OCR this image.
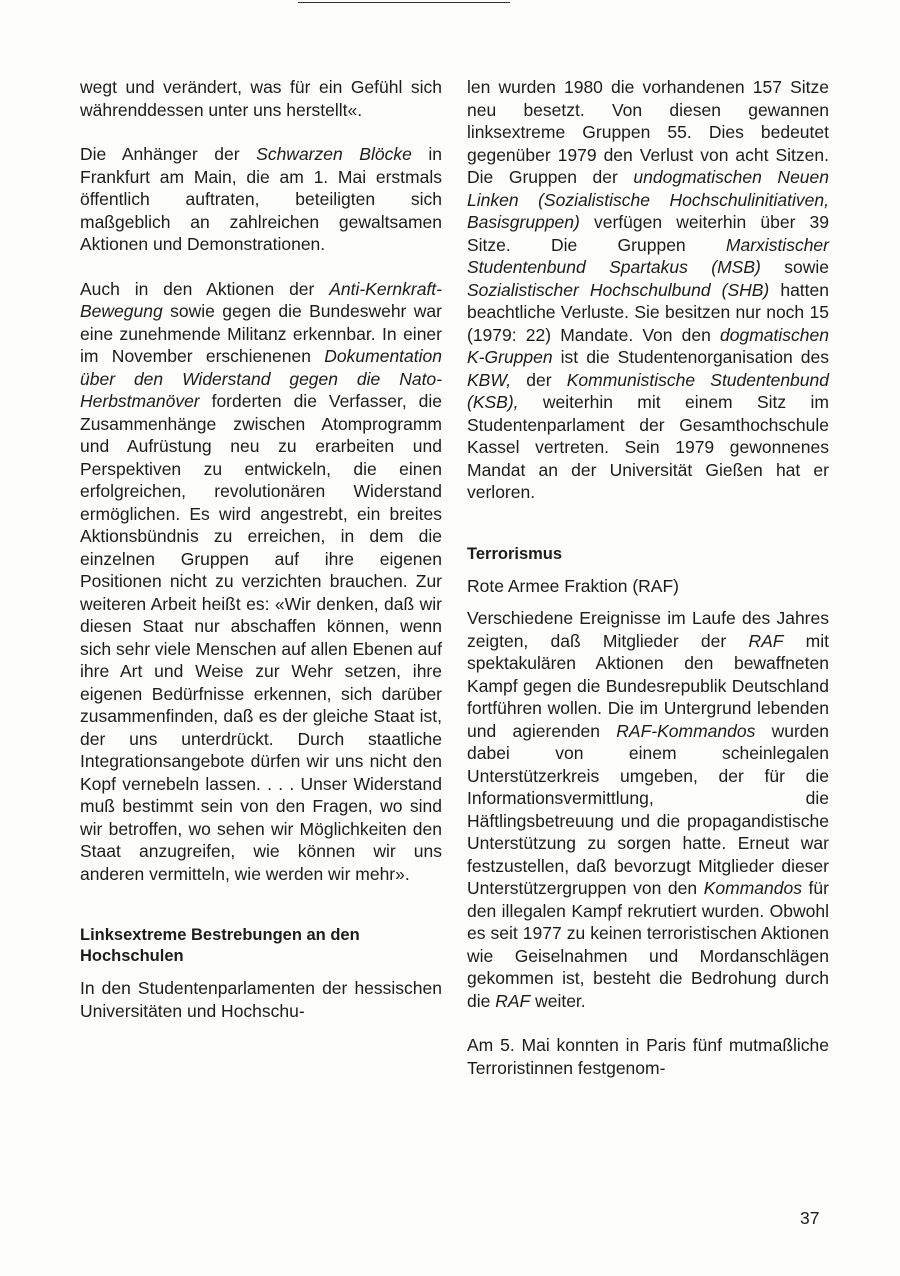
wegt und verändert, was für ein Gefühl sich währenddessen unter uns herstellt«.

Die Anhänger der Schwarzen Blöcke in Frankfurt am Main, die am 1. Mai erstmals öffentlich auftraten, beteiligten sich maßgeblich an zahlreichen gewaltsamen Aktionen und Demonstrationen.

Auch in den Aktionen der Anti-Kernkraft-Bewegung sowie gegen die Bundeswehr war eine zunehmende Militanz erkennbar. In einer im November erschienenen Dokumentation über den Widerstand gegen die Nato-Herbstmanöver forderten die Verfasser, die Zusammenhänge zwischen Atomprogramm und Aufrüstung neu zu erarbeiten und Perspektiven zu entwickeln, die einen erfolgreichen, revolutionären Widerstand ermöglichen. Es wird angestrebt, ein breites Aktionsbündnis zu erreichen, in dem die einzelnen Gruppen auf ihre eigenen Positionen nicht zu verzichten brauchen. Zur weiteren Arbeit heißt es: «Wir denken, daß wir diesen Staat nur abschaffen können, wenn sich sehr viele Menschen auf allen Ebenen auf ihre Art und Weise zur Wehr setzen, ihre eigenen Bedürfnisse erkennen, sich darüber zusammenfinden, daß es der gleiche Staat ist, der uns unterdrückt. Durch staatliche Integrationsangebote dürfen wir uns nicht den Kopf vernebeln lassen. . . . Unser Widerstand muß bestimmt sein von den Fragen, wo sind wir betroffen, wo sehen wir Möglichkeiten den Staat anzugreifen, wie können wir uns anderen vermitteln, wie werden wir mehr».

Linksextreme Bestrebungen an den Hochschulen

In den Studentenparlamenten der hessischen Universitäten und Hochschu-

len wurden 1980 die vorhandenen 157 Sitze neu besetzt. Von diesen gewannen linksextreme Gruppen 55. Dies bedeutet gegenüber 1979 den Verlust von acht Sitzen. Die Gruppen der undogmatischen Neuen Linken (Sozialistische Hochschulinitiativen, Basisgruppen) verfügen weiterhin über 39 Sitze. Die Gruppen Marxistischer Studentenbund Spartakus (MSB) sowie Sozialistischer Hochschulbund (SHB) hatten beachtliche Verluste. Sie besitzen nur noch 15 (1979: 22) Mandate. Von den dogmatischen K-Gruppen ist die Studentenorganisation des KBW, der Kommunistische Studentenbund (KSB), weiterhin mit einem Sitz im Studentenparlament der Gesamthochschule Kassel vertreten. Sein 1979 gewonnenes Mandat an der Universität Gießen hat er verloren.

Terrorismus

Rote Armee Fraktion (RAF)

Verschiedene Ereignisse im Laufe des Jahres zeigten, daß Mitglieder der RAF mit spektakulären Aktionen den bewaffneten Kampf gegen die Bundesrepublik Deutschland fortführen wollen. Die im Untergrund lebenden und agierenden RAF-Kommandos wurden dabei von einem scheinlegalen Unterstützerkreis umgeben, der für die Informationsvermittlung, die Häftlingsbetreuung und die propagandistische Unterstützung zu sorgen hatte. Erneut war festzustellen, daß bevorzugt Mitglieder dieser Unterstützergruppen von den Kommandos für den illegalen Kampf rekrutiert wurden. Obwohl es seit 1977 zu keinen terroristischen Aktionen wie Geiselnahmen und Mordanschlägen gekommen ist, besteht die Bedrohung durch die RAF weiter.

Am 5. Mai konnten in Paris fünf mutmaßliche Terroristinnen festgenom-

37
